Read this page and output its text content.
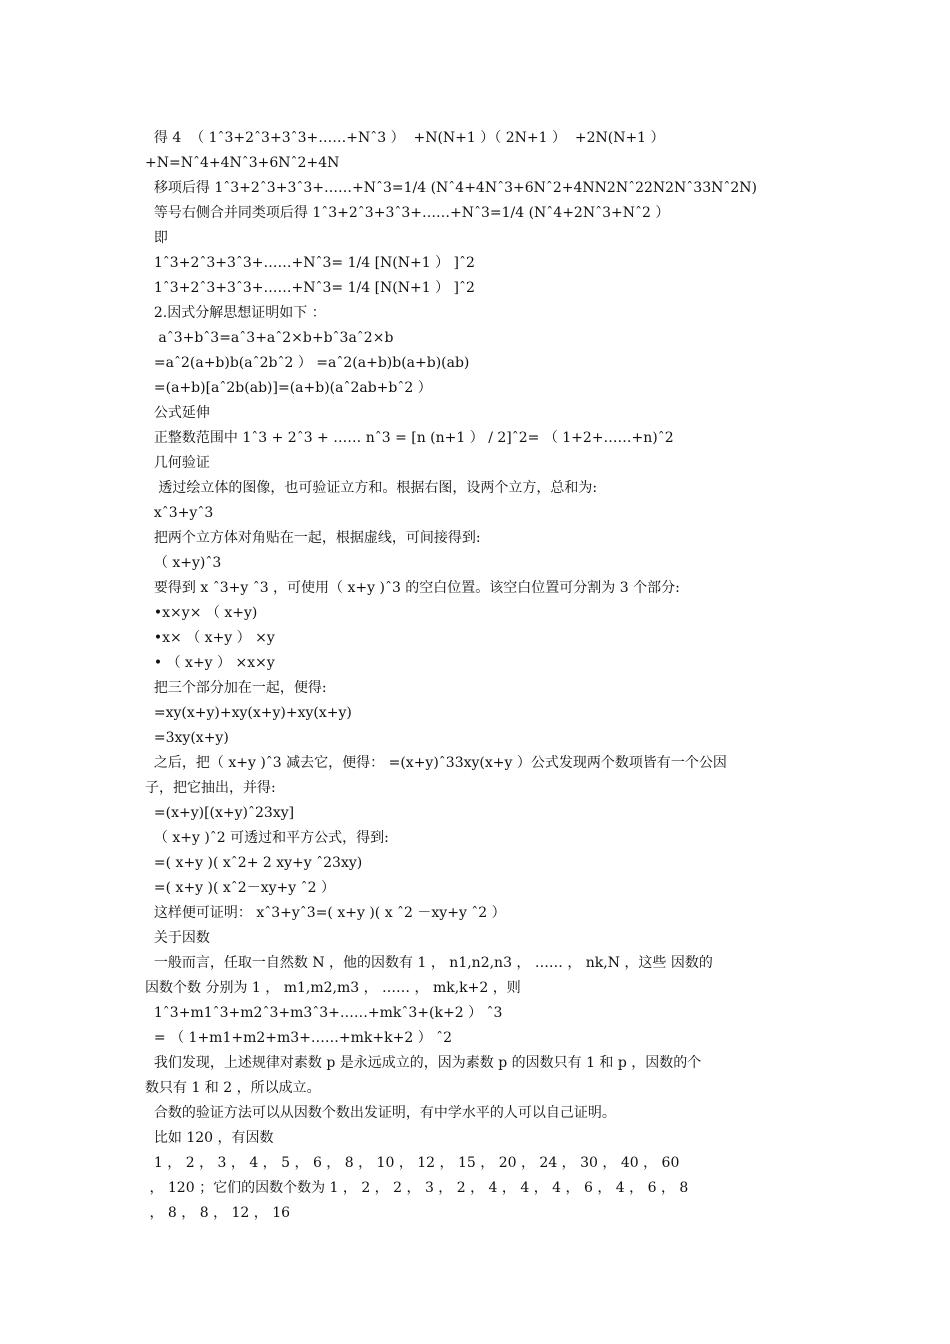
得 4  （ 1ˆ3+2ˆ3+3ˆ3+……+Nˆ3 ）  +N(N+1 ）（ 2N+1 ）  +2N(N+1 ）
+N=Nˆ4+4Nˆ3+6Nˆ2+4N
移项后得 1ˆ3+2ˆ3+3ˆ3+……+Nˆ3=1/4 (Nˆ4+4Nˆ3+6Nˆ2+4NN2Nˆ22N2Nˆ33Nˆ2N)
等号右侧合并同类项后得 1ˆ3+2ˆ3+3ˆ3+……+Nˆ3=1/4 (Nˆ4+2Nˆ3+Nˆ2 ）
即
1ˆ3+2ˆ3+3ˆ3+……+Nˆ3= 1/4 [N(N+1 ） ]ˆ2
1ˆ3+2ˆ3+3ˆ3+……+Nˆ3= 1/4 [N(N+1 ） ]ˆ2
2.因式分解思想证明如下 ：
aˆ3+bˆ3=aˆ3+aˆ2×b+bˆ3aˆ2×b
=aˆ2(a+b)b(aˆ2bˆ2 ） =aˆ2(a+b)b(a+b)(ab)
=(a+b)[aˆ2b(ab)]=(a+b)(aˆ2ab+bˆ2 ）
公式延伸
正整数范围中 1ˆ3 + 2ˆ3 + …… nˆ3 = [n (n+1 ） / 2]ˆ2= （ 1+2+……+n)ˆ2
几何验证
透过绘立体的图像，也可验证立方和。根据右图，设两个立方，总和为:
xˆ3+yˆ3
把两个立方体对角贴在一起，根据虚线，可间接得到:
（ x+y)ˆ3
要得到 x ˆ3+y ˆ3 ，可使用（ x+y )ˆ3 的空白位置。该空白位置可分割为 3 个部分:
•x×y× （ x+y)
•x× （ x+y ） ×y
• （ x+y ） ×x×y
把三个部分加在一起，便得:
=xy(x+y)+xy(x+y)+xy(x+y)
=3xy(x+y)
之后，把（ x+y )ˆ3 减去它，便得： =(x+y)ˆ33xy(x+y ）公式发现两个数项皆有一个公因
子，把它抽出，并得:
=(x+y)[(x+y)ˆ23xy]
（ x+y )ˆ2 可透过和平方公式，得到:
=( x+y )( xˆ2+ 2 xy+y ˆ23xy)
=( x+y )( xˆ2－xy+y ˆ2 ）
这样便可证明： xˆ3+yˆ3=( x+y )( x ˆ2 －xy+y ˆ2 ）
关于因数
一般而言，任取一自然数 N ，他的因数有 1 ， n1,n2,n3 ， …… ， nk,N ，这些 因数的
因数个数 分别为 1 ， m1,m2,m3 ， …… ， mk,k+2 ，则
1ˆ3+m1ˆ3+m2ˆ3+m3ˆ3+……+mkˆ3+(k+2 ） ˆ3
= （ 1+m1+m2+m3+……+mk+k+2 ） ˆ2
我们发现，上述规律对素数 p 是永远成立的，因为素数 p 的因数只有 1 和 p ，因数的个
数只有 1 和 2 ，所以成立。
合数的验证方法可以从因数个数出发证明，有中学水平的人可以自己证明。
比如 120 ，有因数
1 ， 2 ， 3 ， 4 ， 5 ， 6 ， 8 ， 10 ， 12 ， 15 ， 20 ， 24 ， 30 ， 40 ， 60
， 120 ；它们的因数个数为 1 ， 2 ， 2 ， 3 ， 2 ， 4 ， 4 ， 4 ， 6 ， 4 ， 6 ， 8
， 8 ， 8 ， 12 ， 16
